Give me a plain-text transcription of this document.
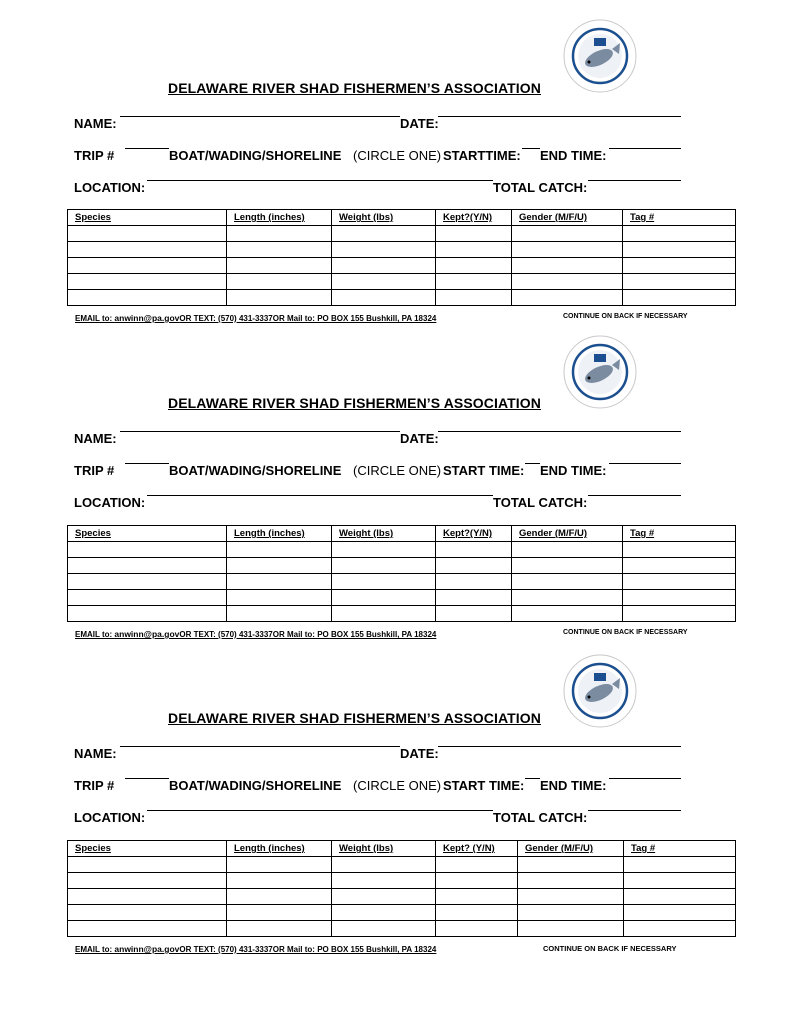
DELAWARE RIVER SHAD FISHERMEN’S ASSOCIATION
NAME:	DATE:
TRIP #	BOAT/WADING/SHORELINE (CIRCLE ONE) STARTTIME: END TIME:
LOCATION:	TOTAL CATCH:
Species	Length (inches)	Weight (lbs)	Kept?(Y/N)	Gender (M/F/U)	Tag #

EMAIL to: anwinn@pa.govOR TEXT: (570) 431-3337OR Mail to: PO BOX 155 Bushkill, PA 18324	CONTINUE ON BACK IF NECESSARY
DELAWARE RIVER SHAD FISHERMEN’S ASSOCIATION
NAME:	DATE:
TRIP #	BOAT/WADING/SHORELINE (CIRCLE ONE) START TIME: END TIME:
LOCATION:	TOTAL CATCH:
Species	Length (inches)	Weight (lbs)	Kept?(Y/N)	Gender (M/F/U)	Tag #

EMAIL to: anwinn@pa.govOR TEXT: (570) 431-3337OR Mail to: PO BOX 155 Bushkill, PA 18324	CONTINUE ON BACK IF NECESSARY
DELAWARE RIVER SHAD FISHERMEN’S ASSOCIATION
NAME:	DATE:
TRIP #	BOAT/WADING/SHORELINE (CIRCLE ONE) START TIME: END TIME:
LOCATION:	TOTAL CATCH:
Species	Length (inches)	Weight (lbs)	Kept? (Y/N)	Gender (M/F/U)	Tag #

EMAIL to: anwinn@pa.govOR TEXT: (570) 431-3337OR Mail to: PO BOX 155 Bushkill, PA 18324	CONTINUE ON BACK IF NECESSARY
